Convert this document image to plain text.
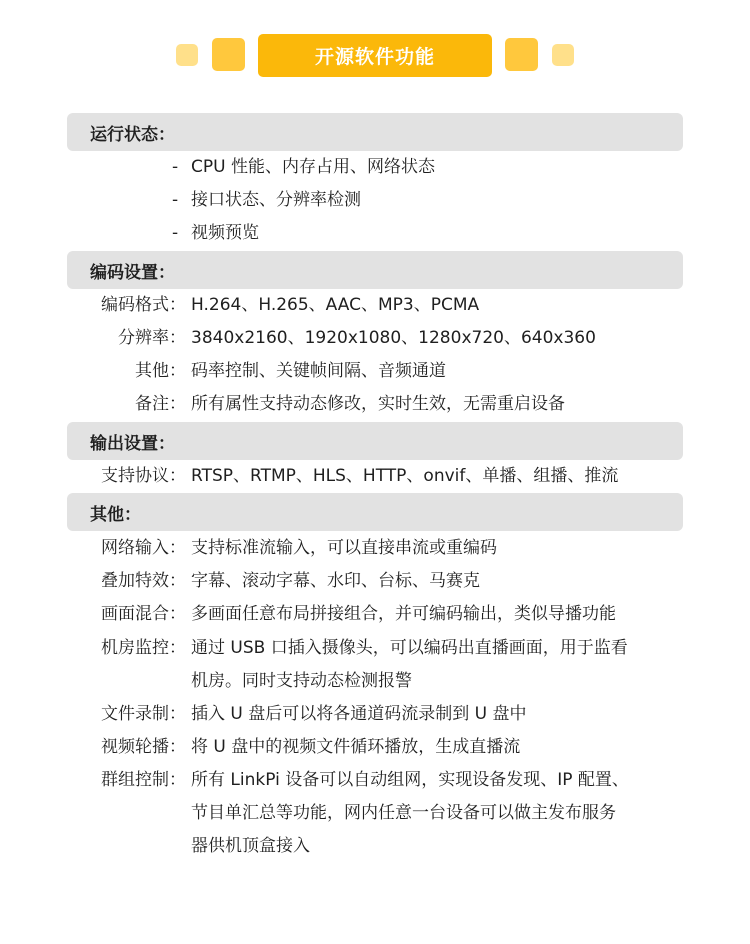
开源软件功能
运行状态：
- CPU 性能、内存占用、网络状态
- 接口状态、分辨率检测
- 视频预览
编码设置：
编码格式： H.264、H.265、AAC、MP3、PCMA
分辨率： 3840x2160、1920x1080、1280x720、640x360
其他： 码率控制、关键帧间隔、音频通道
备注： 所有属性支持动态修改，实时生效，无需重启设备
输出设置：
支持协议： RTSP、RTMP、HLS、HTTP、onvif、单播、组播、推流
其他：
网络输入： 支持标准流输入，可以直接串流或重编码
叠加特效： 字幕、滚动字幕、水印、台标、马赛克
画面混合： 多画面任意布局拼接组合，并可编码输出，类似导播功能
机房监控： 通过 USB 口插入摄像头，可以编码出直播画面，用于监看
机房。同时支持动态检测报警
文件录制： 插入 U 盘后可以将各通道码流录制到 U 盘中
视频轮播： 将 U 盘中的视频文件循环播放，生成直播流
群组控制： 所有 LinkPi 设备可以自动组网，实现设备发现、IP 配置、
节目单汇总等功能，网内任意一台设备可以做主发布服务
器供机顶盒接入
